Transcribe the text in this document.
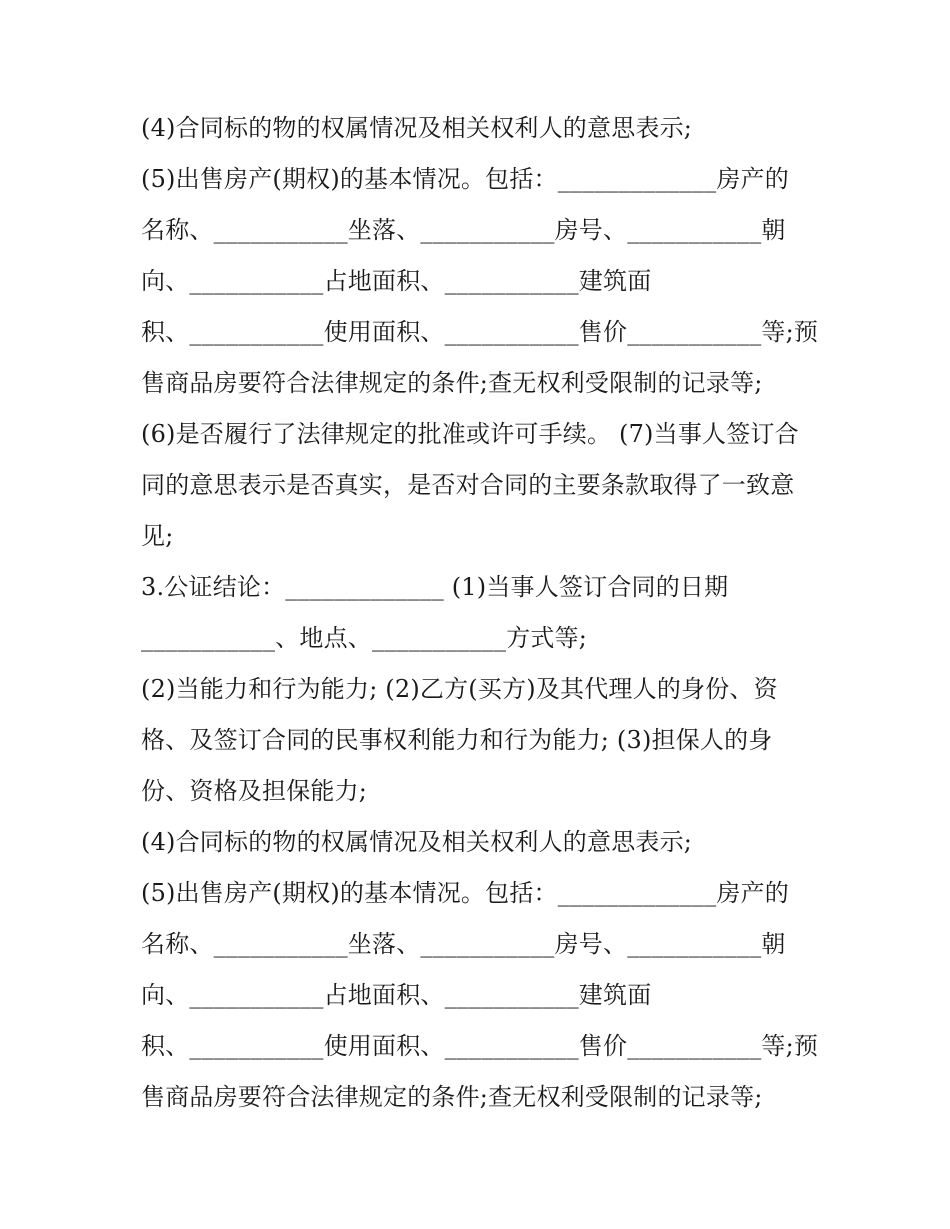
(4)合同标的物的权属情况及相关权利人的意思表示;
(5)出售房产(期权)的基本情况。包括：_____________房产的
名称、___________坐落、___________房号、___________朝
向、___________占地面积、___________建筑面
积、___________使用面积、___________售价___________等;预
售商品房要符合法律规定的条件;查无权利受限制的记录等;
(6)是否履行了法律规定的批准或许可手续。 (7)当事人签订合
同的意思表示是否真实，是否对合同的主要条款取得了一致意
见;
3.公证结论：_____________ (1)当事人签订合同的日期
___________、地点、___________方式等;
(2)当能力和行为能力; (2)乙方(买方)及其代理人的身份、资
格、及签订合同的民事权利能力和行为能力; (3)担保人的身
份、资格及担保能力;
(4)合同标的物的权属情况及相关权利人的意思表示;
(5)出售房产(期权)的基本情况。包括：_____________房产的
名称、___________坐落、___________房号、___________朝
向、___________占地面积、___________建筑面
积、___________使用面积、___________售价___________等;预
售商品房要符合法律规定的条件;查无权利受限制的记录等;
